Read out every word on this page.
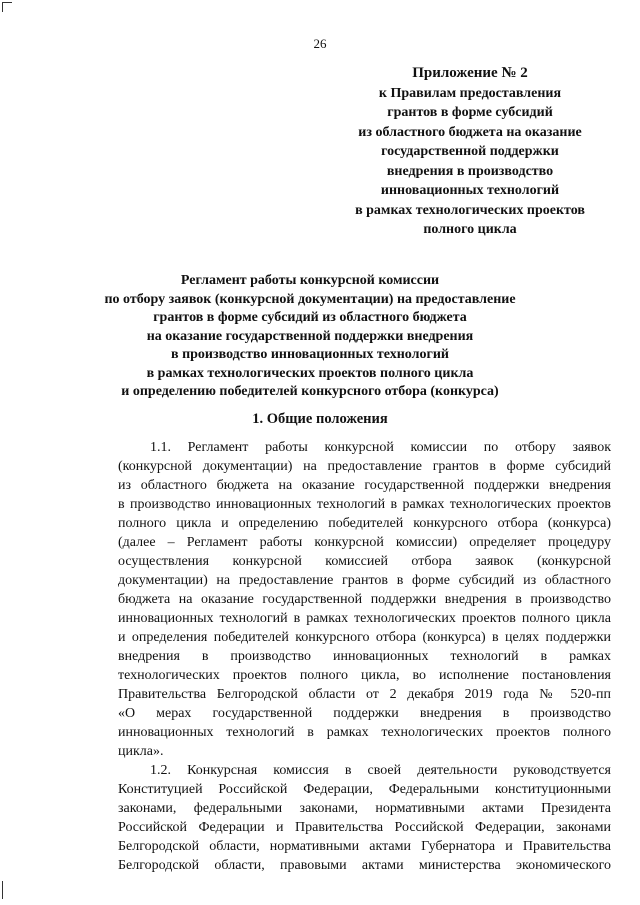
26
Приложение № 2
к Правилам предоставления
грантов в форме субсидий
из областного бюджета на оказание
государственной поддержки
внедрения в производство
инновационных технологий
в рамках технологических проектов
полного цикла
Регламент работы конкурсной комиссии
по отбору заявок (конкурсной документации) на предоставление
грантов в форме субсидий из областного бюджета
на оказание государственной поддержки внедрения
в производство инновационных технологий
в рамках технологических проектов полного цикла
и определению победителей конкурсного отбора (конкурса)
1. Общие положения
1.1. Регламент работы конкурсной комиссии по отбору заявок
(конкурсной документации) на предоставление грантов в форме субсидий
из областного бюджета на оказание государственной поддержки внедрения
в производство инновационных технологий в рамках технологических проектов
полного цикла и определению победителей конкурсного отбора (конкурса)
(далее – Регламент работы конкурсной комиссии) определяет процедуру
осуществления конкурсной комиссией отбора заявок (конкурсной
документации) на предоставление грантов в форме субсидий из областного
бюджета на оказание государственной поддержки внедрения в производство
инновационных технологий в рамках технологических проектов полного цикла
и определения победителей конкурсного отбора (конкурса) в целях поддержки
внедрения в производство инновационных технологий в рамках
технологических проектов полного цикла, во исполнение постановления
Правительства Белгородской области от 2 декабря 2019 года № 520-пп
«О мерах государственной поддержки внедрения в производство
инновационных технологий в рамках технологических проектов полного
цикла».
1.2. Конкурсная комиссия в своей деятельности руководствуется
Конституцией Российской Федерации, Федеральными конституционными
законами, федеральными законами, нормативными актами Президента
Российской Федерации и Правительства Российской Федерации, законами
Белгородской области, нормативными актами Губернатора и Правительства
Белгородской области, правовыми актами министерства экономического
